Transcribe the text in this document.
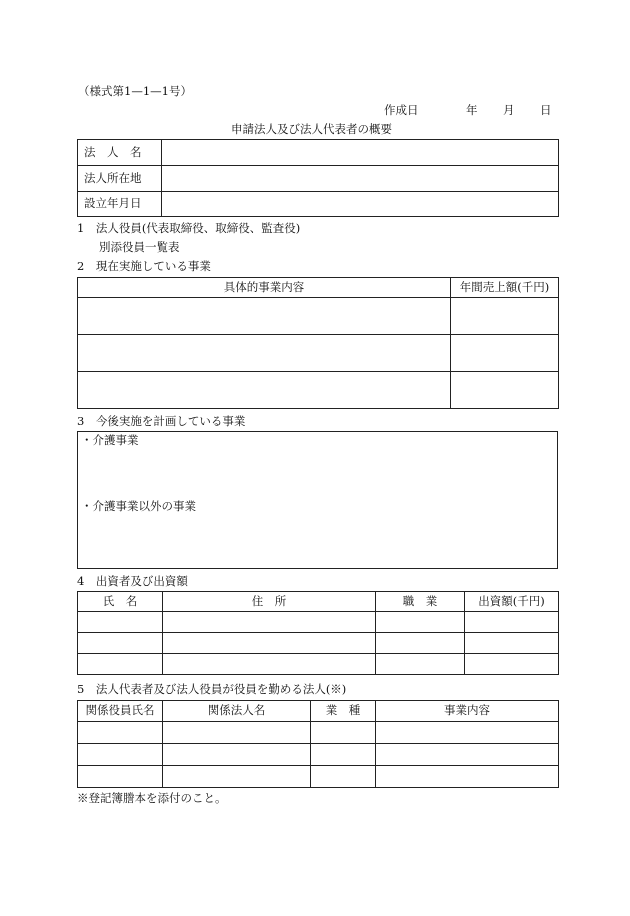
（様式第1—1—1号）
作成日	年 月 日
申請法人及び法人代表者の概要
法　人　名	
法人所在地	
設立年月日	
1　法人役員(代表取締役、取締役、監査役)
別添役員一覧表
2　現在実施している事業
具体的事業内容	年間売上額(千円)

3　今後実施を計画している事業
・介護事業
・介護事業以外の事業
4　出資者及び出資額
氏　名	住　所	職　業	出資額(千円)

5　法人代表者及び法人役員が役員を勤める法人(※)
関係役員氏名	関係法人名	業　種	事業内容

※登記簿謄本を添付のこと。
